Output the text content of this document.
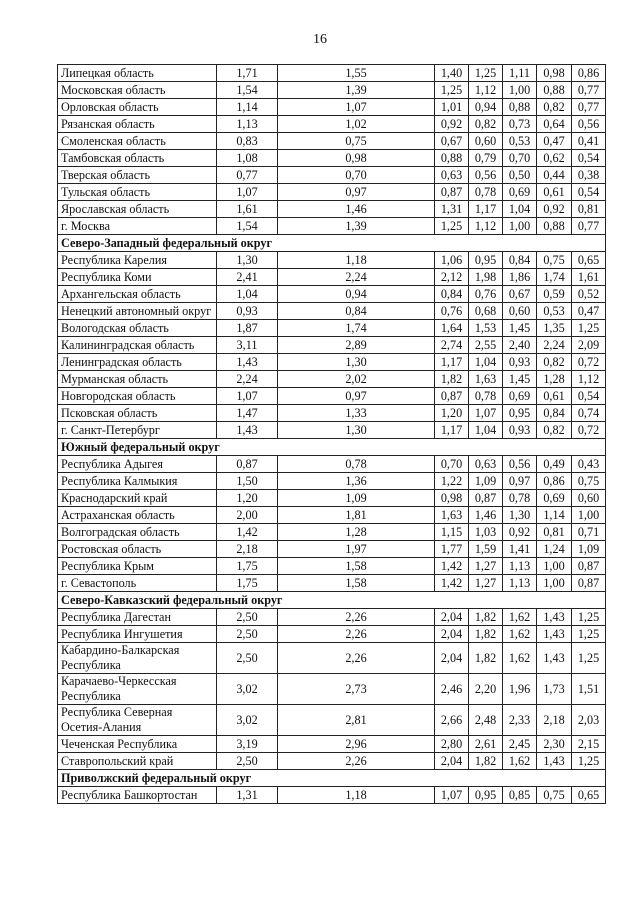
16
Липецкая область	1,71	1,55	1,40	1,25	1,11	0,98	0,86
Московская область	1,54	1,39	1,25	1,12	1,00	0,88	0,77
Орловская область	1,14	1,07	1,01	0,94	0,88	0,82	0,77
Рязанская область	1,13	1,02	0,92	0,82	0,73	0,64	0,56
Смоленская область	0,83	0,75	0,67	0,60	0,53	0,47	0,41
Тамбовская область	1,08	0,98	0,88	0,79	0,70	0,62	0,54
Тверская область	0,77	0,70	0,63	0,56	0,50	0,44	0,38
Тульская область	1,07	0,97	0,87	0,78	0,69	0,61	0,54
Ярославская область	1,61	1,46	1,31	1,17	1,04	0,92	0,81
г. Москва	1,54	1,39	1,25	1,12	1,00	0,88	0,77
Северо-Западный федеральный округ							
Республика Карелия	1,30	1,18	1,06	0,95	0,84	0,75	0,65
Республика Коми	2,41	2,24	2,12	1,98	1,86	1,74	1,61
Архангельская область	1,04	0,94	0,84	0,76	0,67	0,59	0,52
Ненецкий автономный округ	0,93	0,84	0,76	0,68	0,60	0,53	0,47
Вологодская область	1,87	1,74	1,64	1,53	1,45	1,35	1,25
Калининградская область	3,11	2,89	2,74	2,55	2,40	2,24	2,09
Ленинградская область	1,43	1,30	1,17	1,04	0,93	0,82	0,72
Мурманская область	2,24	2,02	1,82	1,63	1,45	1,28	1,12
Новгородская область	1,07	0,97	0,87	0,78	0,69	0,61	0,54
Псковская область	1,47	1,33	1,20	1,07	0,95	0,84	0,74
г. Санкт-Петербург	1,43	1,30	1,17	1,04	0,93	0,82	0,72
Южный федеральный округ							
Республика Адыгея	0,87	0,78	0,70	0,63	0,56	0,49	0,43
Республика Калмыкия	1,50	1,36	1,22	1,09	0,97	0,86	0,75
Краснодарский край	1,20	1,09	0,98	0,87	0,78	0,69	0,60
Астраханская область	2,00	1,81	1,63	1,46	1,30	1,14	1,00
Волгоградская область	1,42	1,28	1,15	1,03	0,92	0,81	0,71
Ростовская область	2,18	1,97	1,77	1,59	1,41	1,24	1,09
Республика Крым	1,75	1,58	1,42	1,27	1,13	1,00	0,87
г. Севастополь	1,75	1,58	1,42	1,27	1,13	1,00	0,87
Северо-Кавказский федеральный округ							
Республика Дагестан	2,50	2,26	2,04	1,82	1,62	1,43	1,25
Республика Ингушетия	2,50	2,26	2,04	1,82	1,62	1,43	1,25
Кабардино-Балкарская Республика	2,50	2,26	2,04	1,82	1,62	1,43	1,25
Карачаево-Черкесская Республика	3,02	2,73	2,46	2,20	1,96	1,73	1,51
Республика Северная Осетия-Алания	3,02	2,81	2,66	2,48	2,33	2,18	2,03
Чеченская Республика	3,19	2,96	2,80	2,61	2,45	2,30	2,15
Ставропольский край	2,50	2,26	2,04	1,82	1,62	1,43	1,25
Приволжский федеральный округ							
Республика Башкортостан	1,31	1,18	1,07	0,95	0,85	0,75	0,65
